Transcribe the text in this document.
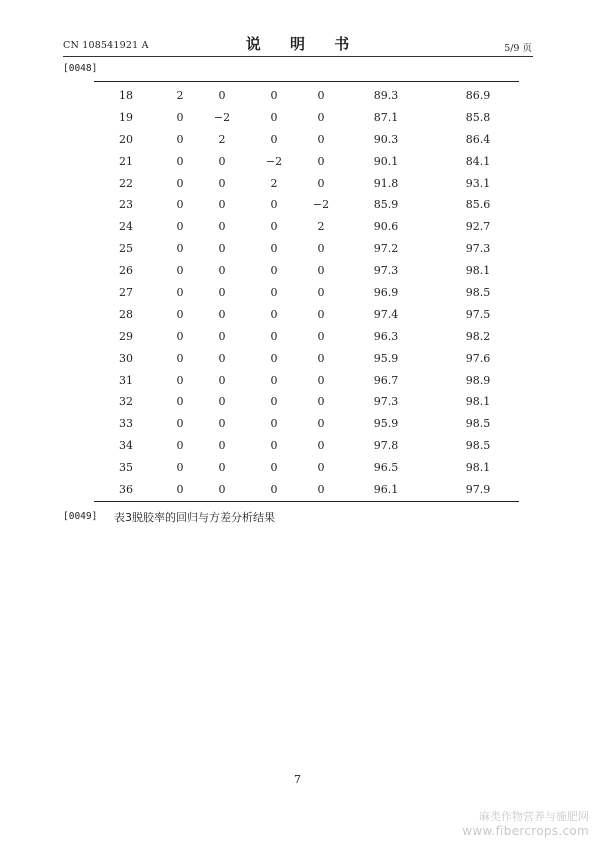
CN 108541921 A	说 明 书	5/9 页
[0048]
18	2	0	0	0	89.3	86.9
19	0	−2	0	0	87.1	85.8
20	0	2	0	0	90.3	86.4
21	0	0	−2	0	90.1	84.1
22	0	0	2	0	91.8	93.1
23	0	0	0	−2	85.9	85.6
24	0	0	0	2	90.6	92.7
25	0	0	0	0	97.2	97.3
26	0	0	0	0	97.3	98.1
27	0	0	0	0	96.9	98.5
28	0	0	0	0	97.4	97.5
29	0	0	0	0	96.3	98.2
30	0	0	0	0	95.9	97.6
31	0	0	0	0	96.7	98.9
32	0	0	0	0	97.3	98.1
33	0	0	0	0	95.9	98.5
34	0	0	0	0	97.8	98.5
35	0	0	0	0	96.5	98.1
36	0	0	0	0	96.1	97.9
[0049] 表3脱胶率的回归与方差分析结果
7
麻类作物营养与施肥网
www.fibercrops.com
